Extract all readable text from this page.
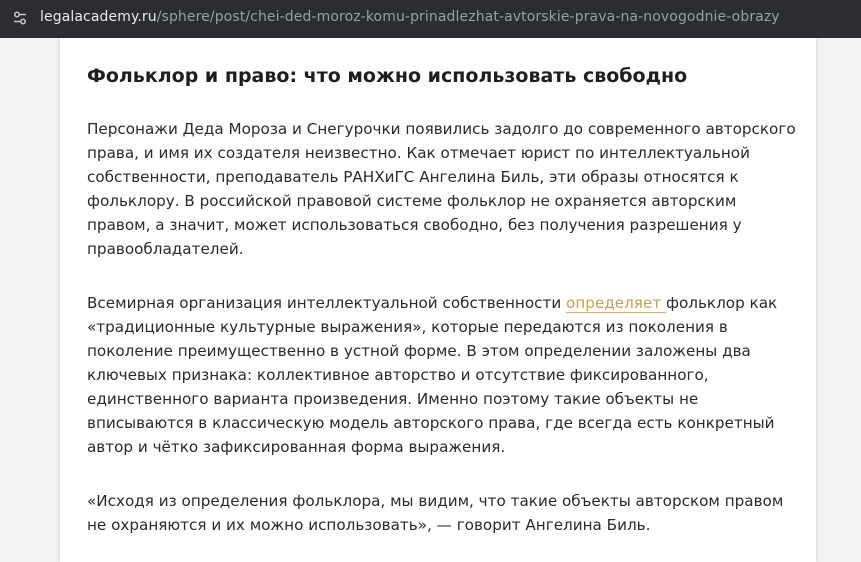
legalacademy.ru/sphere/post/chei-ded-moroz-komu-prinadlezhat-avtorskie-prava-na-novogodnie-obrazy
Фольклор и право: что можно использовать свободно

Персонажи Деда Мороза и Снегурочки появились задолго до современного авторского права, и имя их создателя неизвестно. Как отмечает юрист по интеллектуальной собственности, преподаватель РАНХиГС Ангелина Биль, эти образы относятся к фольклору. В российской правовой системе фольклор не охраняется авторским правом, а значит, может использоваться свободно, без получения разрешения у правообладателей.

Всемирная организация интеллектуальной собственности определяет фольклор как «традиционные культурные выражения», которые передаются из поколения в поколение преимущественно в устной форме. В этом определении заложены два ключевых признака: коллективное авторство и отсутствие фиксированного, единственного варианта произведения. Именно поэтому такие объекты не вписываются в классическую модель авторского права, где всегда есть конкретный автор и чётко зафиксированная форма выражения.

«Исходя из определения фольклора, мы видим, что такие объекты авторском правом не охраняются и их можно использовать», — говорит Ангелина Биль.
